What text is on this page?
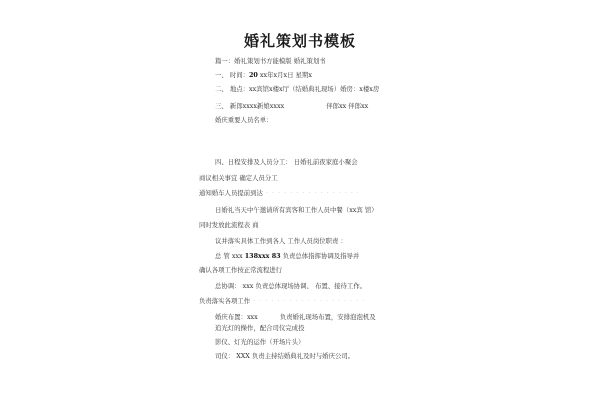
婚礼策划书模板
篇一：婚礼策划书方能模版 婚礼策划书
一、 时间：20 xx年x月x日 星期x
二、 地点：xx宾馆x楼x厅（结婚典礼现场）婚房：x楼x房
三、 新郎xxxx新娘xxxx	伴郎xx 伴郎xx
婚庆重要人员名单：
四、日程安排及人员分工： 日婚礼前夜家庭小聚会
商议相关事宜 确定人员分工
通知婚车人员提前到达 · · · · · · · · · · · · · · · ·
日婚礼当天中午邀请所有宾客和工作人员中餐（xx宾 馆）
同时发放此流程表 商
议并落实具体工作到各人 工作人员岗位职责 ：
总 管 xxx 138xxx 83 负责总体指挥协调及指导并
确认各项工作按正常流程进行
总协调： xxx 负责总体现场协调、 布置、接待工作。
负责落实各项工作 · · · · · · · · · · · · · · · · · · ·
婚庆布置：xxx	负责婚礼现场布置，安排泡泡机及
追光灯的操作，配合司仪完成投
影仪、灯光的运作（开场片头）
司仪： XXX 负责主持结婚典礼及时与婚庆公司。
